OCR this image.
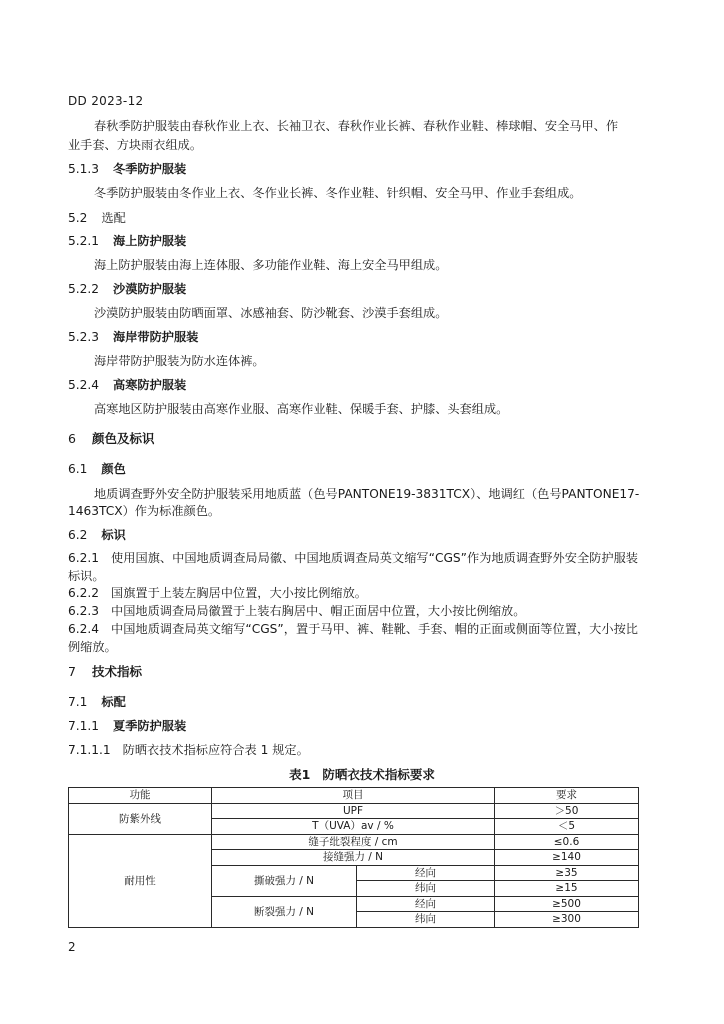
DD 2023-12
春秋季防护服装由春秋作业上衣、长袖卫衣、春秋作业长裤、春秋作业鞋、棒球帽、安全马甲、作
业手套、方块雨衣组成。
5.1.3 冬季防护服装
冬季防护服装由冬作业上衣、冬作业长裤、冬作业鞋、针织帽、安全马甲、作业手套组成。
5.2 选配
5.2.1 海上防护服装
海上防护服装由海上连体服、多功能作业鞋、海上安全马甲组成。
5.2.2 沙漠防护服装
沙漠防护服装由防晒面罩、冰感袖套、防沙靴套、沙漠手套组成。
5.2.3 海岸带防护服装
海岸带防护服装为防水连体裤。
5.2.4 高寒防护服装
高寒地区防护服装由高寒作业服、高寒作业鞋、保暖手套、护膝、头套组成。
6 颜色及标识
6.1 颜色
地质调查野外安全防护服装采用地质蓝（色号PANTONE19-3831TCX）、地调红（色号PANTONE17-
1463TCX）作为标准颜色。
6.2 标识
6.2.1 使用国旗、中国地质调查局局徽、中国地质调查局英文缩写“CGS”作为地质调查野外安全防护服装标识。
6.2.2 国旗置于上装左胸居中位置，大小按比例缩放。
6.2.3 中国地质调查局局徽置于上装右胸居中、帽正面居中位置，大小按比例缩放。
6.2.4 中国地质调查局英文缩写“CGS”，置于马甲、裤、鞋靴、手套、帽的正面或侧面等位置，大小按比例缩放。
7 技术指标
7.1 标配
7.1.1 夏季防护服装
7.1.1.1 防晒衣技术指标应符合表 1 规定。
表1 防晒衣技术指标要求
功能	项目		要求
防紫外线	UPF		＞50
	T（UVA）av / %		＜5
耐用性	缝子纰裂程度 / cm		≤0.6
	接缝强力 / N		≥140
	撕破强力 / N	经向	≥35
		纬向	≥15
	断裂强力 / N	经向	≥500
		纬向	≥300
2
